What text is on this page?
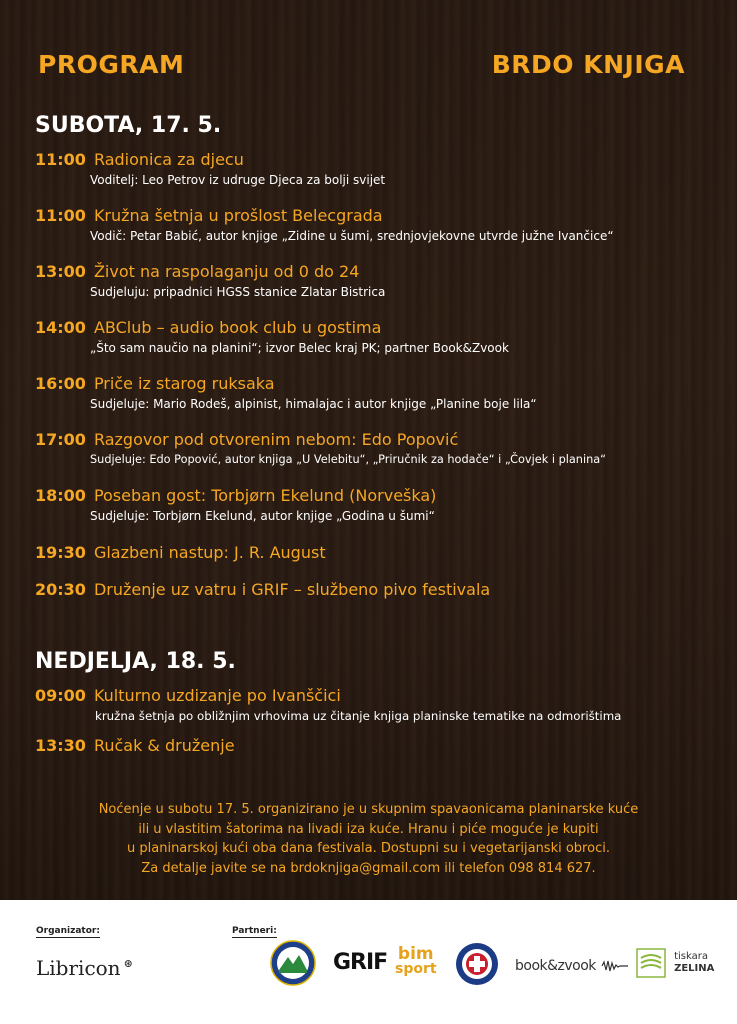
PROGRAM	BRDO KNJIGA
SUBOTA, 17. 5.
11:00 Radionica za djecu
Voditelj: Leo Petrov iz udruge Djeca za bolji svijet
11:00 Kružna šetnja u prošlost Belecgrada
Vodič: Petar Babić, autor knjige „Zidine u šumi, srednjovjekovne utvrde južne Ivančice“
13:00 Život na raspolaganju od 0 do 24
Sudjeluju: pripadnici HGSS stanice Zlatar Bistrica
14:00 ABClub – audio book club u gostima
„Što sam naučio na planini“; izvor Belec kraj PK; partner Book&Zvook
16:00 Priče iz starog ruksaka
Sudjeluje: Mario Rodeš, alpinist, himalajac i autor knjige „Planine boje lila“
17:00 Razgovor pod otvorenim nebom: Edo Popović
Sudjeluje: Edo Popović, autor knjiga „U Velebitu“, „Priručnik za hodače“ i „Čovjek i planina“
18:00 Poseban gost: Torbjørn Ekelund (Norveška)
Sudjeluje: Torbjørn Ekelund, autor knjige „Godina u šumi“
19:30 Glazbeni nastup: J. R. August
20:30 Druženje uz vatru i GRIF – službeno pivo festivala
NEDJELJA, 18. 5.
09:00 Kulturno uzdizanje po Ivanščici
kružna šetnja po obližnjim vrhovima uz čitanje knjiga planinske tematike na odmorištima
13:30 Ručak & druženje
Noćenje u subotu 17. 5. organizirano je u skupnim spavaonicama planinarske kuće
ili u vlastitim šatorima na livadi iza kuće. Hranu i piće moguće je kupiti
u planinarskoj kući oba dana festivala. Dostupni su i vegetarijanski obroci.
Za detalje javite se na brdoknjiga@gmail.com ili telefon 098 814 627.
Organizator:
Libricon ⊛
Partneri:
GRIF bim
sport	book&zvook

tiskara
ZELINA
